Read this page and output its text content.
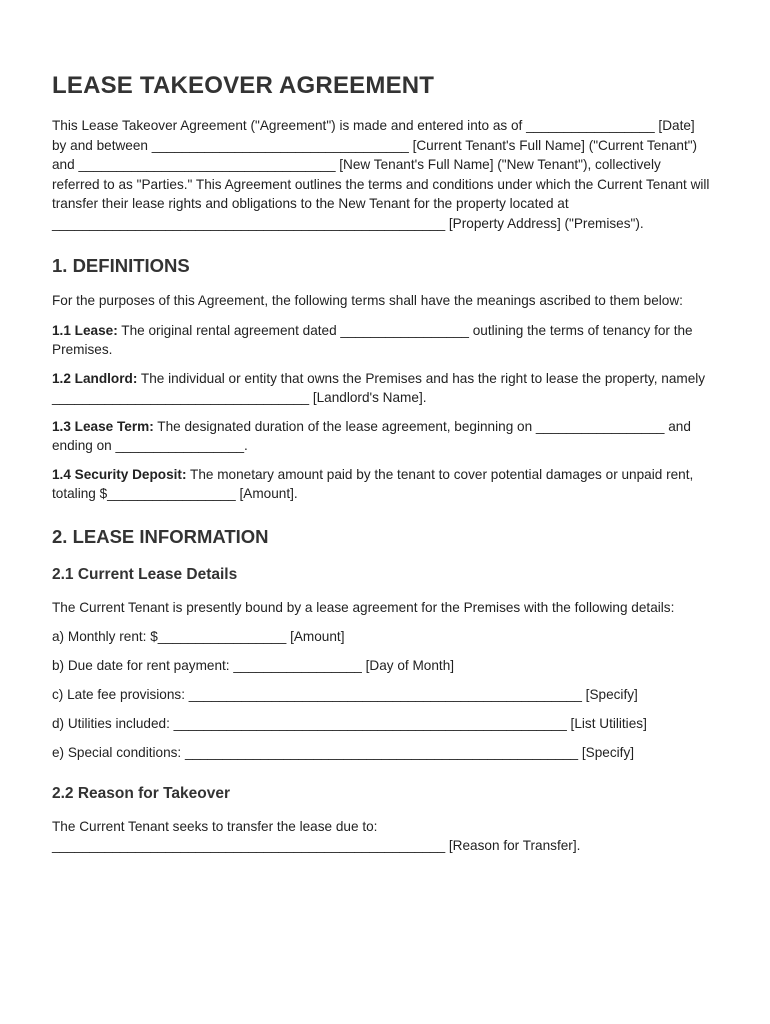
LEASE TAKEOVER AGREEMENT

This Lease Takeover Agreement ("Agreement") is made and entered into as of _________________ [Date] by and between __________________________________ [Current Tenant's Full Name] ("Current Tenant") and __________________________________ [New Tenant's Full Name] ("New Tenant"), collectively referred to as "Parties." This Agreement outlines the terms and conditions under which the Current Tenant will transfer their lease rights and obligations to the New Tenant for the property located at ____________________________________________________ [Property Address] ("Premises").

1. DEFINITIONS

For the purposes of this Agreement, the following terms shall have the meanings ascribed to them below:

1.1 Lease: The original rental agreement dated _________________ outlining the terms of tenancy for the Premises.

1.2 Landlord: The individual or entity that owns the Premises and has the right to lease the property, namely __________________________________ [Landlord's Name].

1.3 Lease Term: The designated duration of the lease agreement, beginning on _________________ and ending on _________________.

1.4 Security Deposit: The monetary amount paid by the tenant to cover potential damages or unpaid rent, totaling $_________________ [Amount].

2. LEASE INFORMATION
2.1 Current Lease Details

The Current Tenant is presently bound by a lease agreement for the Premises with the following details:

a) Monthly rent: $_________________ [Amount]

b) Due date for rent payment: _________________ [Day of Month]

c) Late fee provisions: ____________________________________________________ [Specify]

d) Utilities included: ____________________________________________________ [List Utilities]

e) Special conditions: ____________________________________________________ [Specify]

2.2 Reason for Takeover

The Current Tenant seeks to transfer the lease due to: ____________________________________________________ [Reason for Transfer].
